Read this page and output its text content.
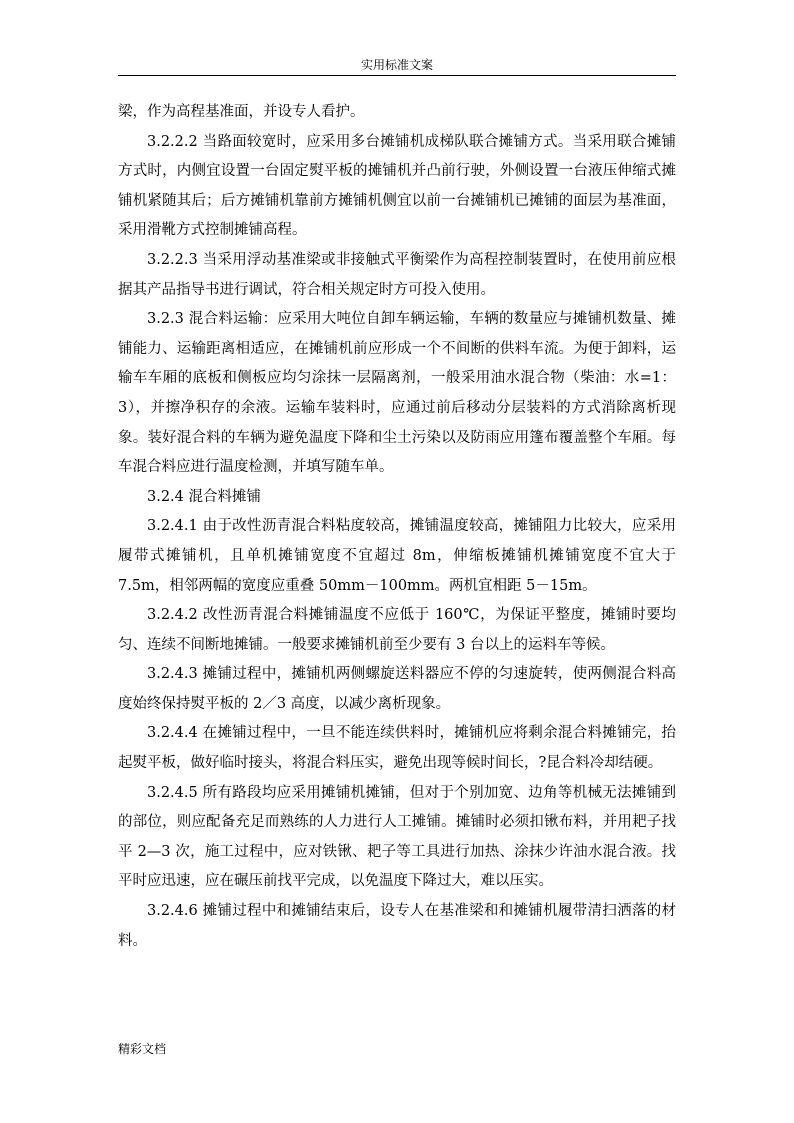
实用标准文案

梁，作为高程基准面，并设专人看护。

3.2.2.2 当路面较宽时，应采用多台摊铺机成梯队联合摊铺方式。当采用联合摊铺方式时，内侧宜设置一台固定熨平板的摊铺机并凸前行驶，外侧设置一台液压伸缩式摊铺机紧随其后；后方摊铺机靠前方摊铺机侧宜以前一台摊铺机已摊铺的面层为基准面，采用滑靴方式控制摊铺高程。

3.2.2.3 当采用浮动基准梁或非接触式平衡梁作为高程控制装置时，在使用前应根据其产品指导书进行调试，符合相关规定时方可投入使用。

3.2.3 混合料运输：应采用大吨位自卸车辆运输，车辆的数量应与摊铺机数量、摊铺能力、运输距离相适应，在摊铺机前应形成一个不间断的供料车流。为便于卸料，运输车车厢的底板和侧板应均匀涂抹一层隔离剂，一般采用油水混合物（柴油：水=1：3），并擦净积存的余液。运输车装料时，应通过前后移动分层装料的方式消除离析现象。装好混合料的车辆为避免温度下降和尘土污染以及防雨应用篷布覆盖整个车厢。每车混合料应进行温度检测，并填写随车单。

3.2.4 混合料摊铺

3.2.4.1 由于改性沥青混合料粘度较高，摊铺温度较高，摊铺阻力比较大，应采用履带式摊铺机，且单机摊铺宽度不宜超过 8m，伸缩板摊铺机摊铺宽度不宜大于 7.5m，相邻两幅的宽度应重叠 50mm－100mm。两机宜相距 5－15m。

3.2.4.2 改性沥青混合料摊铺温度不应低于 160℃，为保证平整度，摊铺时要均匀、连续不间断地摊铺。一般要求摊铺机前至少要有 3 台以上的运料车等候。

3.2.4.3 摊铺过程中，摊铺机两侧螺旋送料器应不停的匀速旋转，使两侧混合料高度始终保持熨平板的 2／3 高度，以减少离析现象。

3.2.4.4 在摊铺过程中，一旦不能连续供料时，摊铺机应将剩余混合料摊铺完，抬起熨平板，做好临时接头，将混合料压实，避免出现等候时间长，?昆合料冷却结硬。

3.2.4.5 所有路段均应采用摊铺机摊铺，但对于个别加宽、边角等机械无法摊铺到的部位，则应配备充足而熟练的人力进行人工摊铺。摊铺时必须扣锹布料，并用耙子找平 2—3 次，施工过程中，应对铁锹、耙子等工具进行加热、涂抹少许油水混合液。找平时应迅速，应在碾压前找平完成，以免温度下降过大，难以压实。

3.2.4.6 摊铺过程中和摊铺结束后，设专人在基准梁和和摊铺机履带清扫洒落的材料。

精彩文档
